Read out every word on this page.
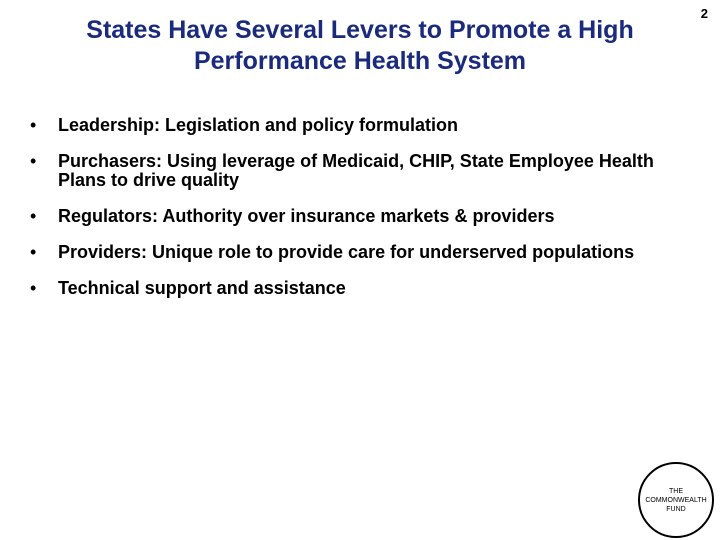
2
States Have Several Levers to Promote a High Performance Health System
• Leadership: Legislation and policy formulation
• Purchasers: Using leverage of Medicaid, CHIP, State Employee Health Plans to drive quality
• Regulators: Authority over insurance markets & providers
• Providers: Unique role to provide care for underserved populations
• Technical support and assistance
THE
COMMONWEALTH
FUND
